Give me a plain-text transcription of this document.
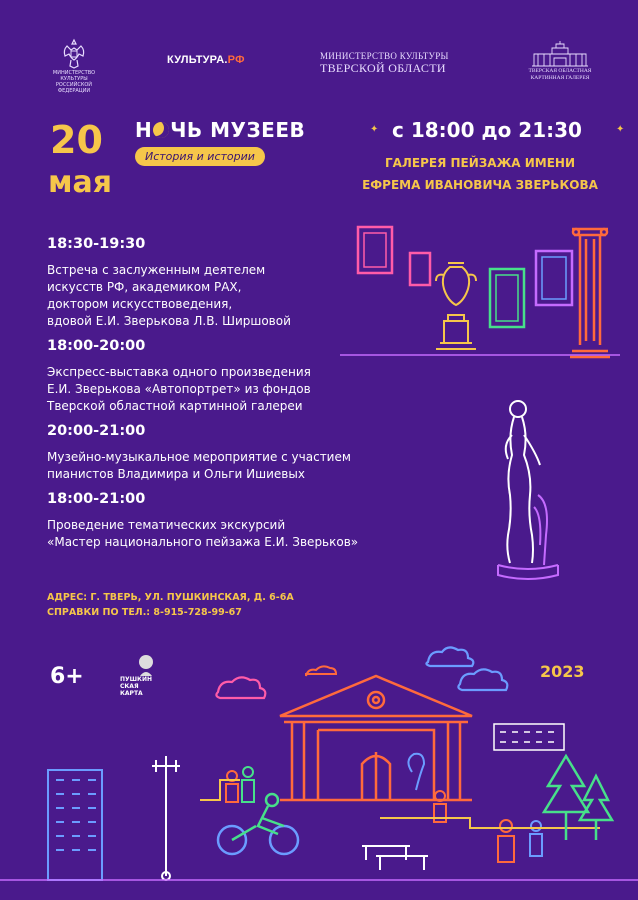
МИНИСТЕРСТВО КУЛЬТУРЫ
РОССИЙСКОЙ ФЕДЕРАЦИИ
КУЛЬТУРА.РФ	МИНИСТЕРСТВО КУЛЬТУРЫ
ТВЕРСКОЙ ОБЛАСТИ	ТВЕРСКАЯ ОБЛАСТНАЯ
КАРТИННАЯ ГАЛЕРЕЯ
20
мая
Н ЧЬ МУЗЕЕВ
История и истории
с 18:00 до 21:30
✦	✦
ГАЛЕРЕЯ ПЕЙЗАЖА ИМЕНИ
ЕФРЕМА ИВАНОВИЧА ЗВЕРЬКОВА
18:30-19:30
Встреча с заслуженным деятелем
искусств РФ, академиком РАХ,
доктором искусствоведения,
вдовой Е.И. Зверькова Л.В. Ширшовой
18:00-20:00
Экспресс-выставка одного произведения
Е.И. Зверькова «Автопортрет» из фондов
Тверской областной картинной галереи
20:00-21:00
Музейно-музыкальное мероприятие с участием
пианистов Владимира и Ольги Ишиевых
18:00-21:00
Проведение тематических экскурсий
«Мастер национального пейзажа Е.И. Зверьков»
АДРЕС: Г. ТВЕРЬ, УЛ. ПУШКИНСКАЯ, Д. 6-6А
СПРАВКИ ПО ТЕЛ.: 8-915-728-99-67
6+	ПУШКИН
СКАЯ
КАРТА
2023
